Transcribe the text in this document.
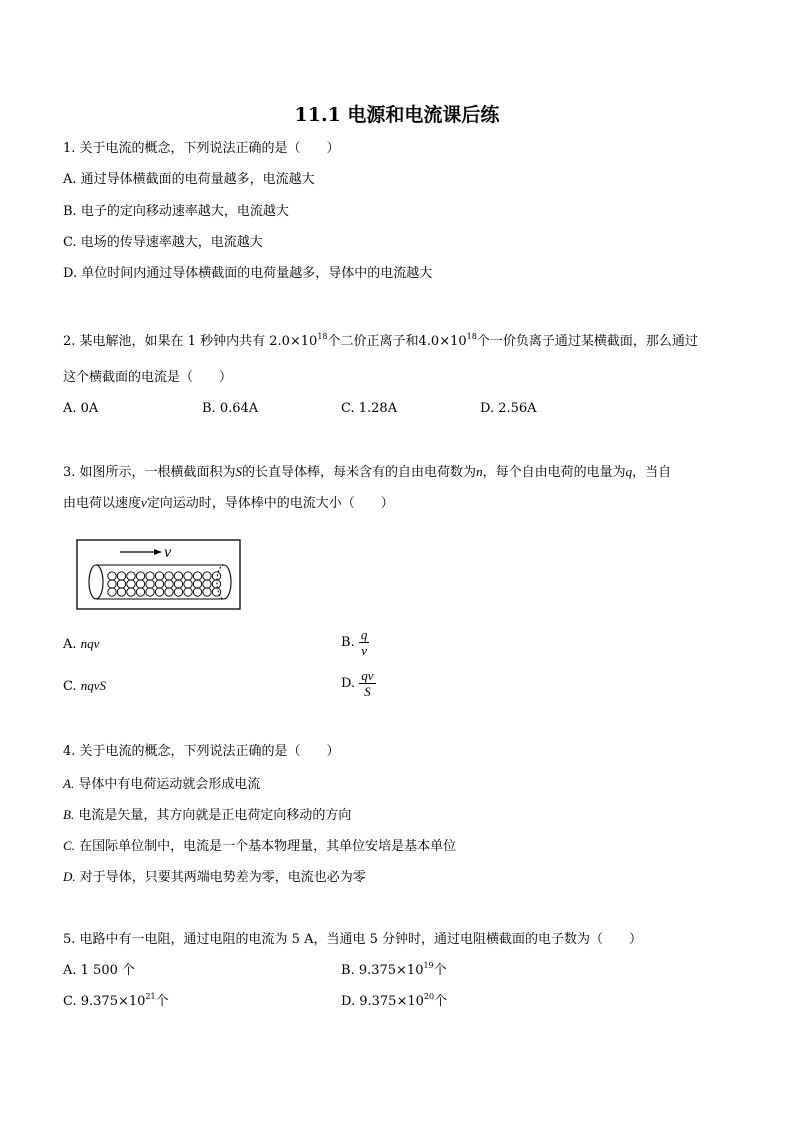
11.1 电源和电流课后练
1. 关于电流的概念，下列说法正确的是（　　）
A. 通过导体横截面的电荷量越多，电流越大
B. 电子的定向移动速率越大，电流越大
C. 电场的传导速率越大，电流越大
D. 单位时间内通过导体横截面的电荷量越多，导体中的电流越大
2. 某电解池，如果在 1 秒钟内共有 $2.0\times 10^{18}$个二价正离子和$4.0\times 10^{18}$个一价负离子通过某横截面，那么通过
这个横截面的电流是（　　）
A. 0A	B. 0.64A	C. 1.28A	D. 2.56A
3. 如图所示，一根横截面积为S的长直导体棒，每米含有的自由电荷数为n，每个自由电荷的电量为q，当自
由电荷以速度v定向运动时，导体棒中的电流大小（　　）
v
A. nqv	B. $\frac{q}{v}$
C. nqvS	D. $\frac{qv}{S}$
4. 关于电流的概念，下列说法正确的是（　　）
A. 导体中有电荷运动就会形成电流
B. 电流是矢量，其方向就是正电荷定向移动的方向
C. 在国际单位制中，电流是一个基本物理量，其单位安培是基本单位
D. 对于导体，只要其两端电势差为零，电流也必为零
5. 电路中有一电阻，通过电阻的电流为 5 A，当通电 5 分钟时，通过电阻横截面的电子数为（　　）
A. 1 500 个	B. $9.375\times 10^{19}$个
C. $9.375\times 10^{21}$个	D. $9.375\times 10^{20}$个
